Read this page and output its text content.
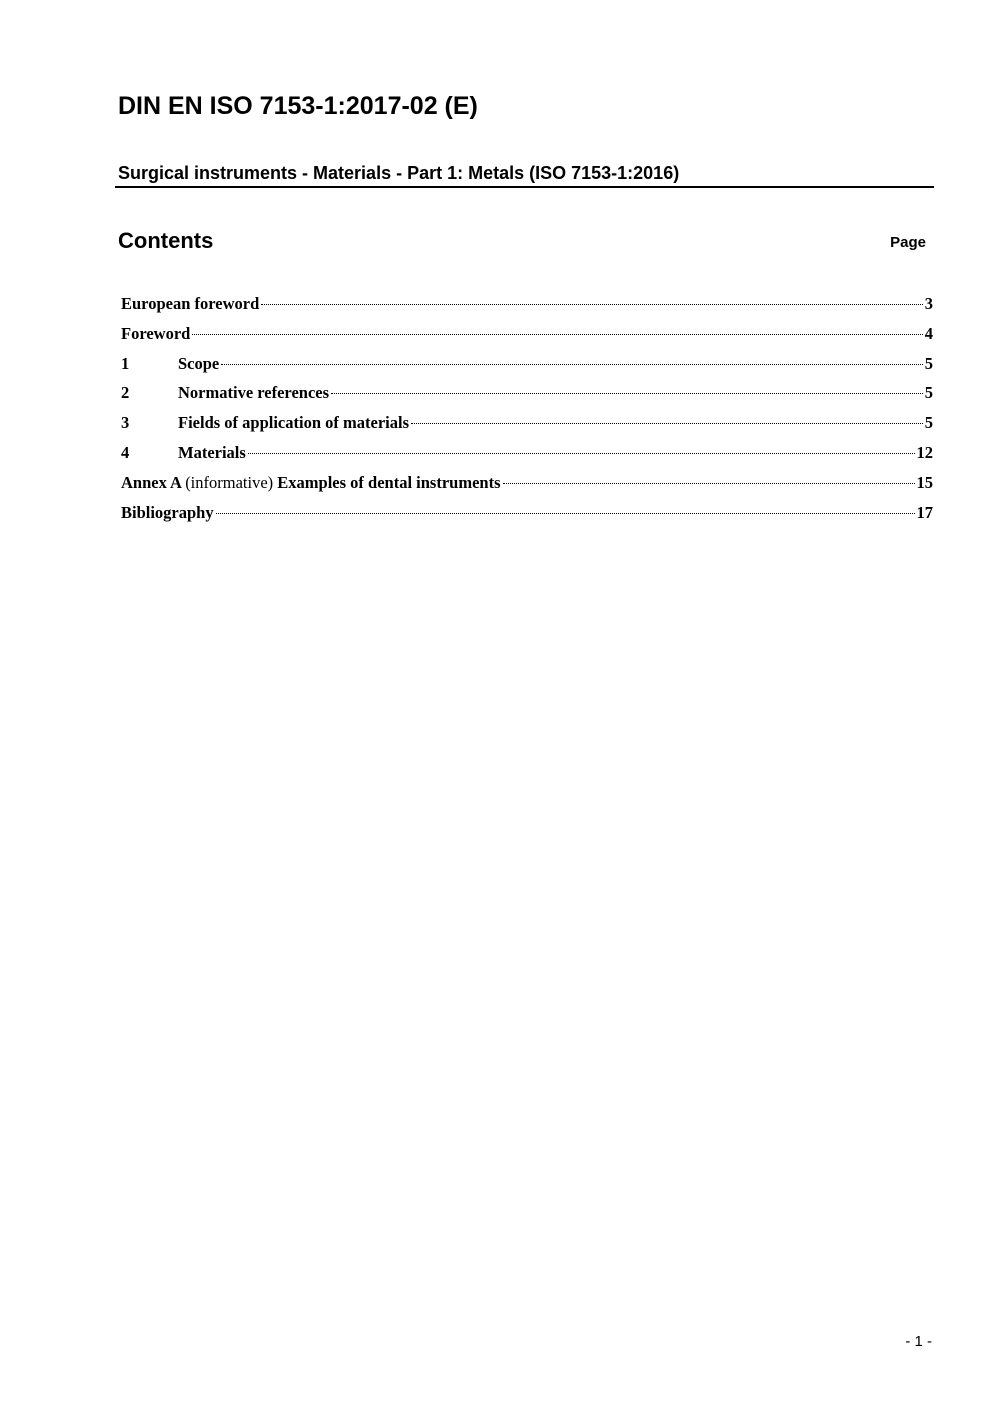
DIN EN ISO 7153-1:2017-02 (E)
Surgical instruments - Materials - Part 1: Metals (ISO 7153-1:2016)
Contents	Page
European foreword	3
Foreword	4
1	Scope	5
2	Normative references	5
3	Fields of application of materials	5
4	Materials	12
Annex A (informative) Examples of dental instruments	15
Bibliography	17
- 1 -
